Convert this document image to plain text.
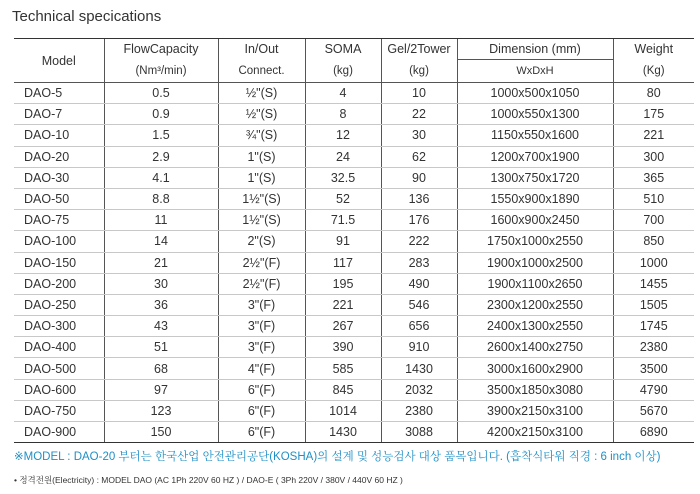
Technical specications
Model	FlowCapacity	In/Out	SOMA	Gel/2Tower	Dimension (mm)	Weight
	(Nm³/min)	Connect.	(kg)	(kg)	WxDxH	(Kg)
DAO-5	0.5	½"(S)	4	10	1000x500x1050	80
DAO-7	0.9	½"(S)	8	22	1000x550x1300	175
DAO-10	1.5	¾"(S)	12	30	1150x550x1600	221
DAO-20	2.9	1"(S)	24	62	1200x700x1900	300
DAO-30	4.1	1"(S)	32.5	90	1300x750x1720	365
DAO-50	8.8	1½"(S)	52	136	1550x900x1890	510
DAO-75	11	1½"(S)	71.5	176	1600x900x2450	700
DAO-100	14	2"(S)	91	222	1750x1000x2550	850
DAO-150	21	2½"(F)	117	283	1900x1000x2500	1000
DAO-200	30	2½"(F)	195	490	1900x1100x2650	1455
DAO-250	36	3"(F)	221	546	2300x1200x2550	1505
DAO-300	43	3"(F)	267	656	2400x1300x2550	1745
DAO-400	51	3"(F)	390	910	2600x1400x2750	2380
DAO-500	68	4"(F)	585	1430	3000x1600x2900	3500
DAO-600	97	6"(F)	845	2032	3500x1850x3080	4790
DAO-750	123	6"(F)	1014	2380	3900x2150x3100	5670
DAO-900	150	6"(F)	1430	3088	4200x2150x3100	6890
※MODEL : DAO-20 부터는 한국산업 안전관리공단(KOSHA)의 설계 및 성능검사 대상 품목입니다. (흡착식타워 직경 : 6 inch 이상)
• 정격전원(Electricity) : MODEL DAO (AC 1Ph 220V 60 HZ ) / DAO-E ( 3Ph 220V / 380V / 440V 60 HZ )
